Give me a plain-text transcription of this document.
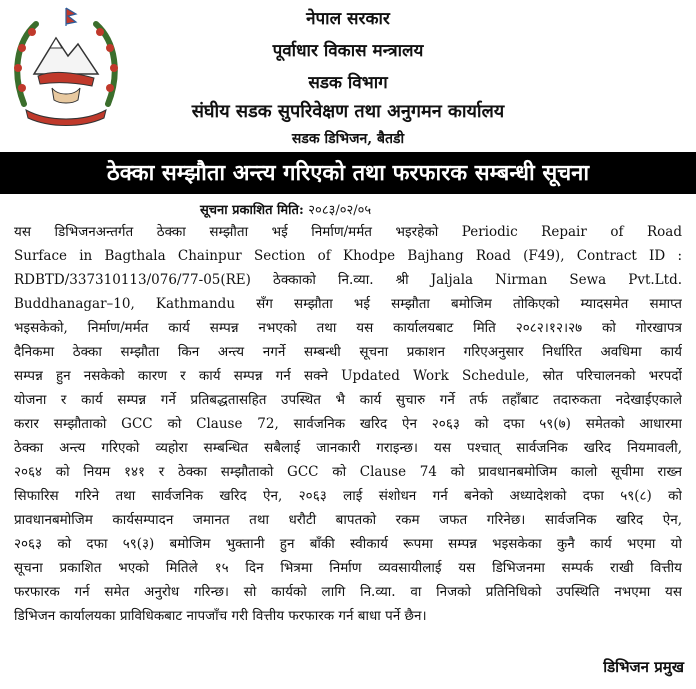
नेपाल सरकार
पूर्वाधार विकास मन्त्रालय
सडक विभाग
संघीय सडक सुपरिवेक्षण तथा अनुगमन कार्यालय
सडक डिभिजन, बैतडी
ठेक्का सम्झौता अन्त्य गरिएको तथा फरफारक सम्बन्धी सूचना
सूचना प्रकाशित मिति: २०८३/०२/०५
यस डिभिजनअन्तर्गत ठेक्का सम्झौता भई निर्माण/मर्मत भइरहेको Periodic Repair of Road
Surface in Bagthala Chainpur Section of Khodpe Bajhang Road (F49), Contract ID :
RDBTD/337310113/076/77-05(RE) ठेक्काको नि.व्या. श्री Jaljala Nirman Sewa Pvt.Ltd.
Buddhanagar–10, Kathmandu सँग सम्झौता भई सम्झौता बमोजिम तोकिएको म्यादसमेत समाप्त
भइसकेको, निर्माण/मर्मत कार्य सम्पन्न नभएको तथा यस कार्यालयबाट मिति २०८२।१२।२७ को गोरखापत्र
दैनिकमा ठेक्का सम्झौता किन अन्त्य नगर्ने सम्बन्धी सूचना प्रकाशन गरिएअनुसार निर्धारित अवधिमा कार्य
सम्पन्न हुन नसकेको कारण र कार्य सम्पन्न गर्न सक्ने Updated Work Schedule, स्रोत परिचालनको भरपर्दो
योजना र कार्य सम्पन्न गर्ने प्रतिबद्धतासहित उपस्थित भै कार्य सुचारु गर्ने तर्फ तहाँबाट तदारुकता नदेखाईएकाले
करार सम्झौताको GCC को Clause 72, सार्वजनिक खरिद ऐन २०६३ को दफा ५९(७) समेतको आधारमा
ठेक्का अन्त्य गरिएको व्यहोरा सम्बन्धित सबैलाई जानकारी गराइन्छ। यस पश्चात् सार्वजनिक खरिद नियमावली,
२०६४ को नियम १४१ र ठेक्का सम्झौताको GCC को Clause 74 को प्रावधानबमोजिम कालो सूचीमा राख्न
सिफारिस गरिने तथा सार्वजनिक खरिद ऐन, २०६३ लाई संशोधन गर्न बनेको अध्यादेशको दफा ५९(८) को
प्रावधानबमोजिम कार्यसम्पादन जमानत तथा धरौटी बापतको रकम जफत गरिनेछ। सार्वजनिक खरिद ऐन,
२०६३ को दफा ५९(३) बमोजिम भुक्तानी हुन बाँकी स्वीकार्य रूपमा सम्पन्न भइसकेका कुनै कार्य भएमा यो
सूचना प्रकाशित भएको मितिले १५ दिन भित्रमा निर्माण व्यवसायीलाई यस डिभिजनमा सम्पर्क राखी वित्तीय
फरफारक गर्न समेत अनुरोध गरिन्छ। सो कार्यको लागि नि.व्या. वा निजको प्रतिनिधिको उपस्थिति नभएमा यस
डिभिजन कार्यालयका प्राविधिकबाट नापजाँच गरी वित्तीय फरफारक गर्न बाधा पर्ने छैन।
डिभिजन प्रमुख
